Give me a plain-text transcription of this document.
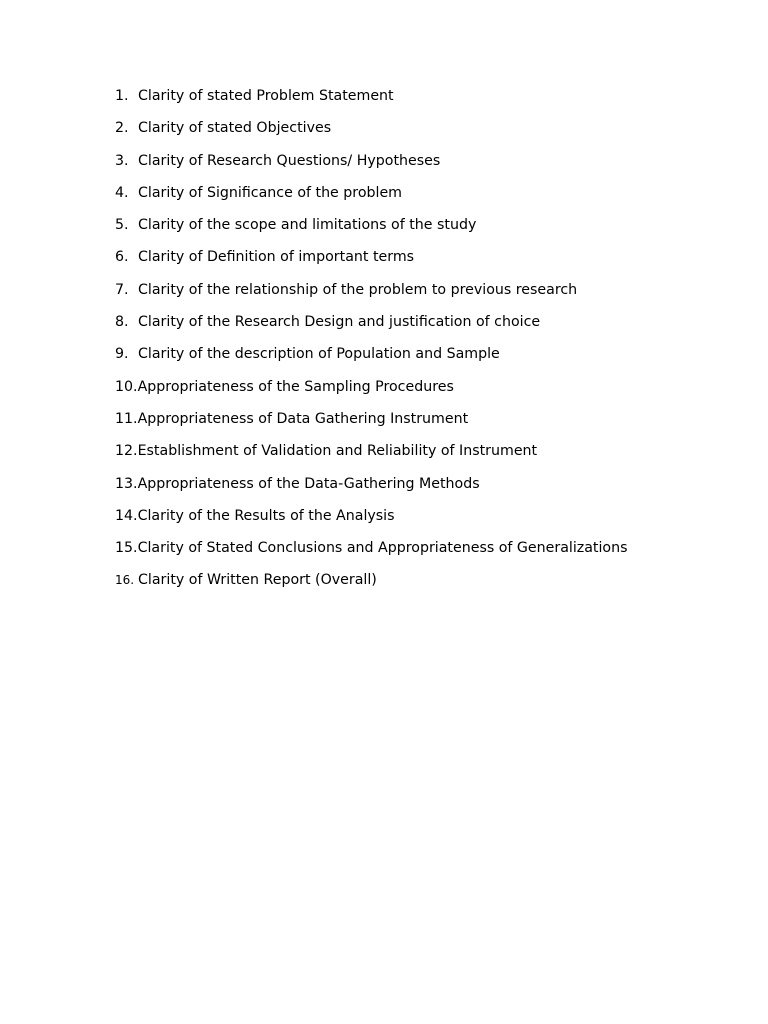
1. Clarity of stated Problem Statement
2. Clarity of stated Objectives
3. Clarity of Research Questions/ Hypotheses
4. Clarity of Significance of the problem
5. Clarity of the scope and limitations of the study
6. Clarity of Definition of important terms
7. Clarity of the relationship of the problem to previous research
8. Clarity of the Research Design and justification of choice
9. Clarity of the description of Population and Sample
10.Appropriateness of the Sampling Procedures
11.Appropriateness of Data Gathering Instrument
12.Establishment of Validation and Reliability of Instrument
13.Appropriateness of the Data-Gathering Methods
14.Clarity of the Results of the Analysis
15.Clarity of Stated Conclusions and Appropriateness of Generalizations
16. Clarity of Written Report (Overall)
